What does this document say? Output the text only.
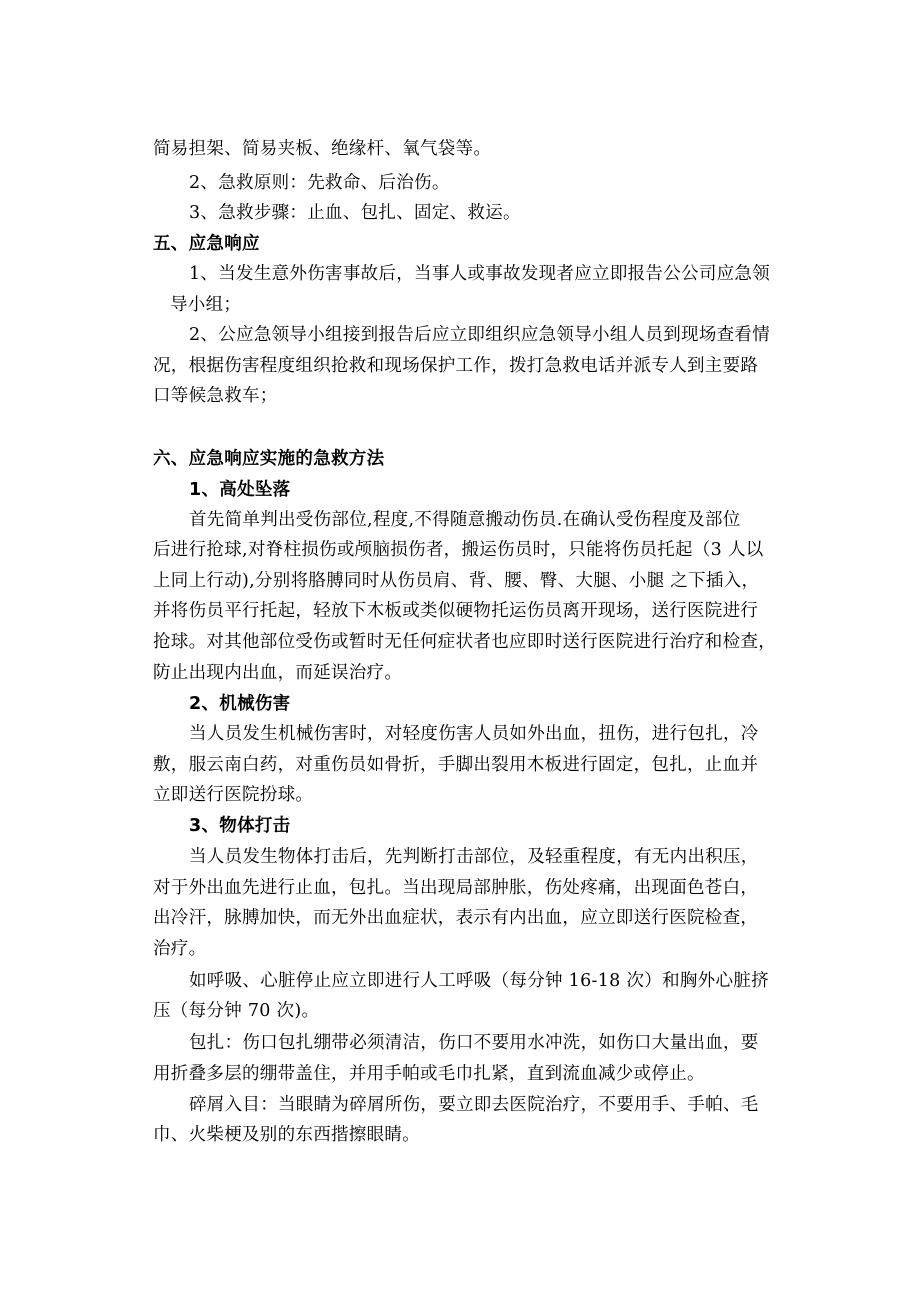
简易担架、简易夹板、绝缘杆、氧气袋等。
2、急救原则：先救命、后治伤。
3、急救步骤：止血、包扎、固定、救运。
五、应急响应
1、当发生意外伤害事故后，当事人或事故发现者应立即报告公公司应急领
导小组；
2、公应急领导小组接到报告后应立即组织应急领导小组人员到现场查看情
况，根据伤害程度组织抢救和现场保护工作，拨打急救电话并派专人到主要路
口等候急救车；
六、应急响应实施的急救方法
1、高处坠落
首先简单判出受伤部位,程度,不得随意搬动伤员.在确认受伤程度及部位
后进行抢球,对脊柱损伤或颅脑损伤者，搬运伤员时，只能将伤员托起（3 人以
上同上行动),分别将胳膊同时从伤员肩、背、腰、臀、大腿、小腿 之下插入，
并将伤员平行托起，轻放下木板或类似硬物托运伤员离开现场，送行医院进行
抢球。对其他部位受伤或暂时无任何症状者也应即时送行医院进行治疗和检查，
防止出现内出血，而延误治疗。
2、机械伤害
当人员发生机械伤害时，对轻度伤害人员如外出血，扭伤，进行包扎，冷
敷，服云南白药，对重伤员如骨折，手脚出裂用木板进行固定，包扎，止血并
立即送行医院扮球。
3、物体打击
当人员发生物体打击后，先判断打击部位，及轻重程度，有无内出积压，
对于外出血先进行止血，包扎。当出现局部肿胀，伤处疼痛，出现面色苍白，
出冷汗，脉膊加快，而无外出血症状，表示有内出血，应立即送行医院检查，
治疗。
如呼吸、心脏停止应立即进行人工呼吸（每分钟 16-18 次）和胸外心脏挤
压（每分钟 70 次)。
包扎：伤口包扎绷带必须清洁，伤口不要用水冲洗，如伤口大量出血，要
用折叠多层的绷带盖住，并用手帕或毛巾扎紧，直到流血减少或停止。
碎屑入目：当眼睛为碎屑所伤，要立即去医院治疗，不要用手、手帕、毛
巾、火柴梗及别的东西揩擦眼睛。
